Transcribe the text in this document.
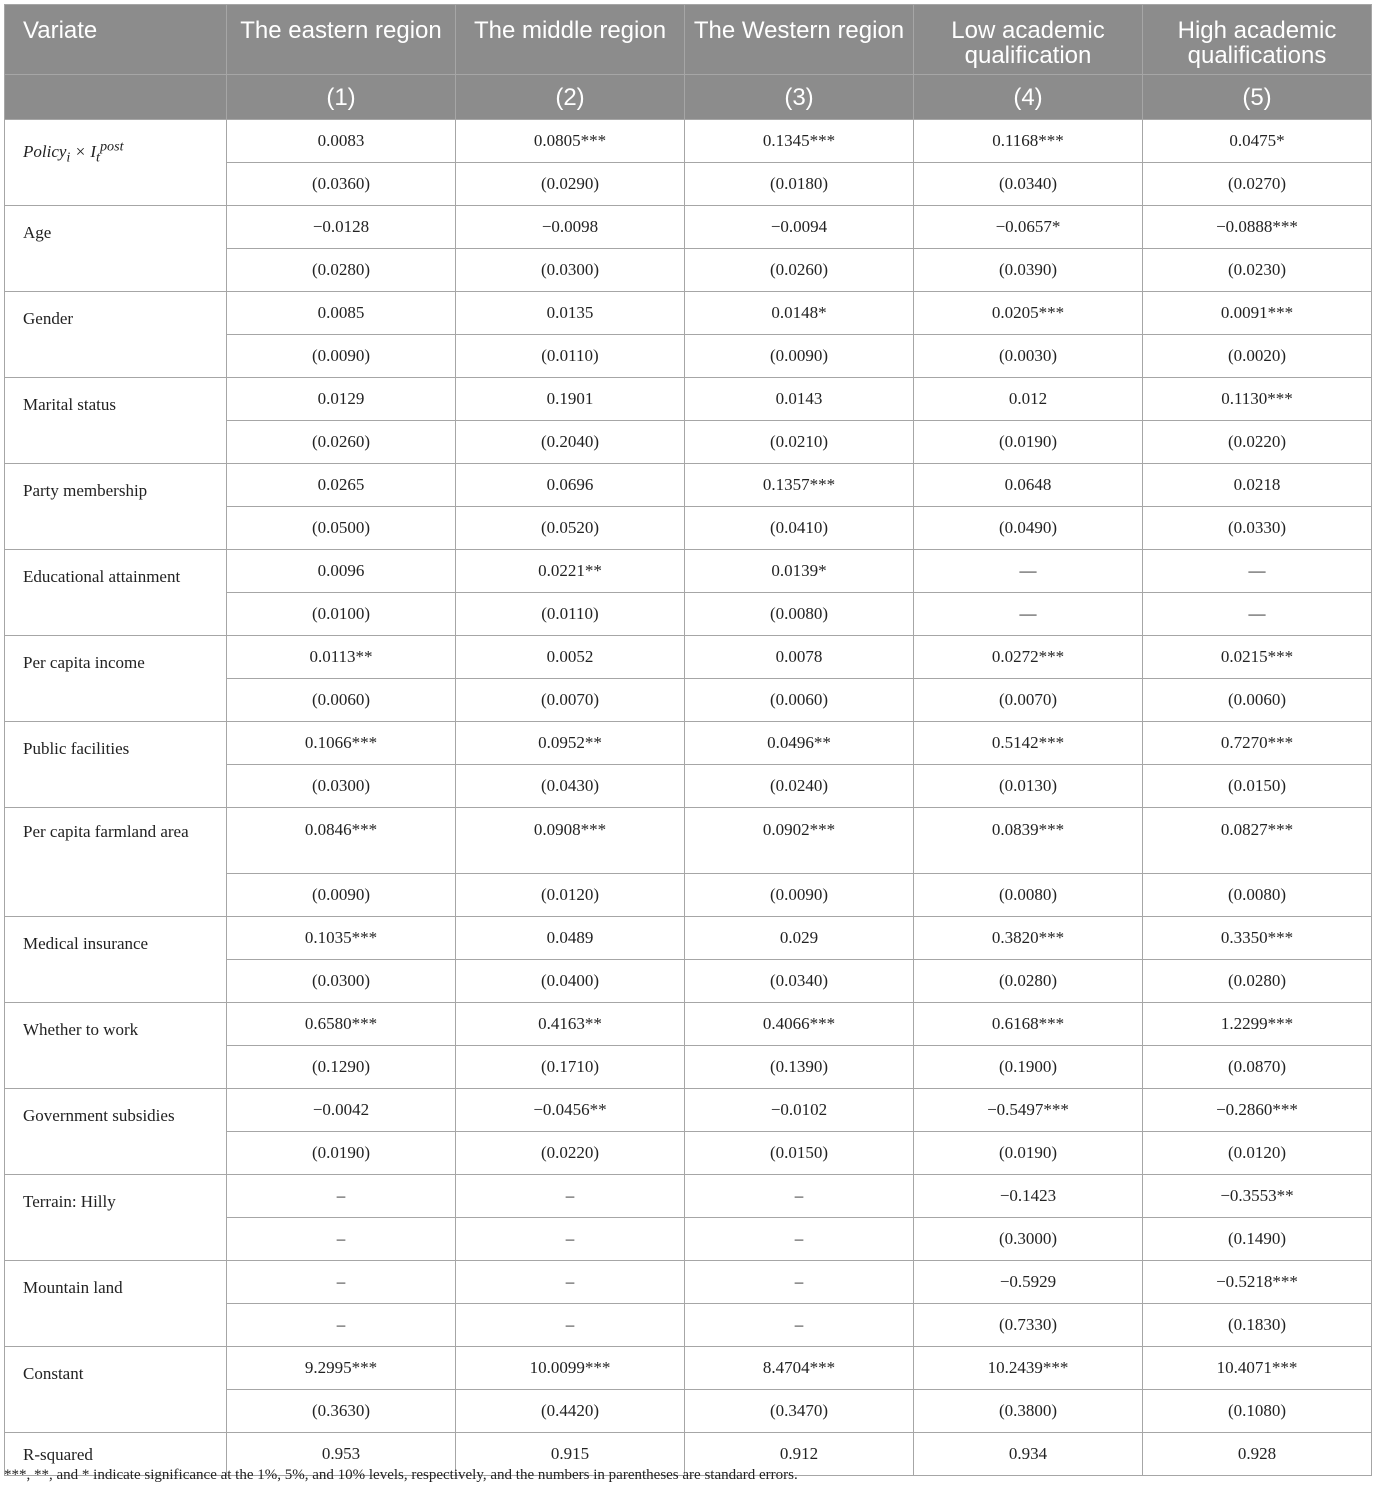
Variate	The eastern region	The middle region	The Western region	Low academic qualification	High academic qualifications
	(1)	(2)	(3)	(4)	(5)
Policy$_i$ × $I_t^{post}$	0.0083	0.0805***	0.1345***	0.1168***	0.0475*
	(0.0360)	(0.0290)	(0.0180)	(0.0340)	(0.0270)
Age	−0.0128	−0.0098	−0.0094	−0.0657*	−0.0888***
	(0.0280)	(0.0300)	(0.0260)	(0.0390)	(0.0230)
Gender	0.0085	0.0135	0.0148*	0.0205***	0.0091***
	(0.0090)	(0.0110)	(0.0090)	(0.0030)	(0.0020)
Marital status	0.0129	0.1901	0.0143	0.012	0.1130***
	(0.0260)	(0.2040)	(0.0210)	(0.0190)	(0.0220)
Party membership	0.0265	0.0696	0.1357***	0.0648	0.0218
	(0.0500)	(0.0520)	(0.0410)	(0.0490)	(0.0330)
Educational attainment	0.0096	0.0221**	0.0139*	—	—
	(0.0100)	(0.0110)	(0.0080)	—	—
Per capita income	0.0113**	0.0052	0.0078	0.0272***	0.0215***
	(0.0060)	(0.0070)	(0.0060)	(0.0070)	(0.0060)
Public facilities	0.1066***	0.0952**	0.0496**	0.5142***	0.7270***
	(0.0300)	(0.0430)	(0.0240)	(0.0130)	(0.0150)
Per capita farmland area	0.0846***	0.0908***	0.0902***	0.0839***	0.0827***
	(0.0090)	(0.0120)	(0.0090)	(0.0080)	(0.0080)
Medical insurance	0.1035***	0.0489	0.029	0.3820***	0.3350***
	(0.0300)	(0.0400)	(0.0340)	(0.0280)	(0.0280)
Whether to work	0.6580***	0.4163**	0.4066***	0.6168***	1.2299***
	(0.1290)	(0.1710)	(0.1390)	(0.1900)	(0.0870)
Government subsidies	−0.0042	−0.0456**	−0.0102	−0.5497***	−0.2860***
	(0.0190)	(0.0220)	(0.0150)	(0.0190)	(0.0120)
Terrain: Hilly	–	–	–	−0.1423	−0.3553**
	–	–	–	(0.3000)	(0.1490)
Mountain land	–	–	–	−0.5929	−0.5218***
	–	–	–	(0.7330)	(0.1830)
Constant	9.2995***	10.0099***	8.4704***	10.2439***	10.4071***
	(0.3630)	(0.4420)	(0.3470)	(0.3800)	(0.1080)
R-squared	0.953	0.915	0.912	0.934	0.928
***, **, and * indicate significance at the 1%, 5%, and 10% levels, respectively, and the numbers in parentheses are standard errors.
